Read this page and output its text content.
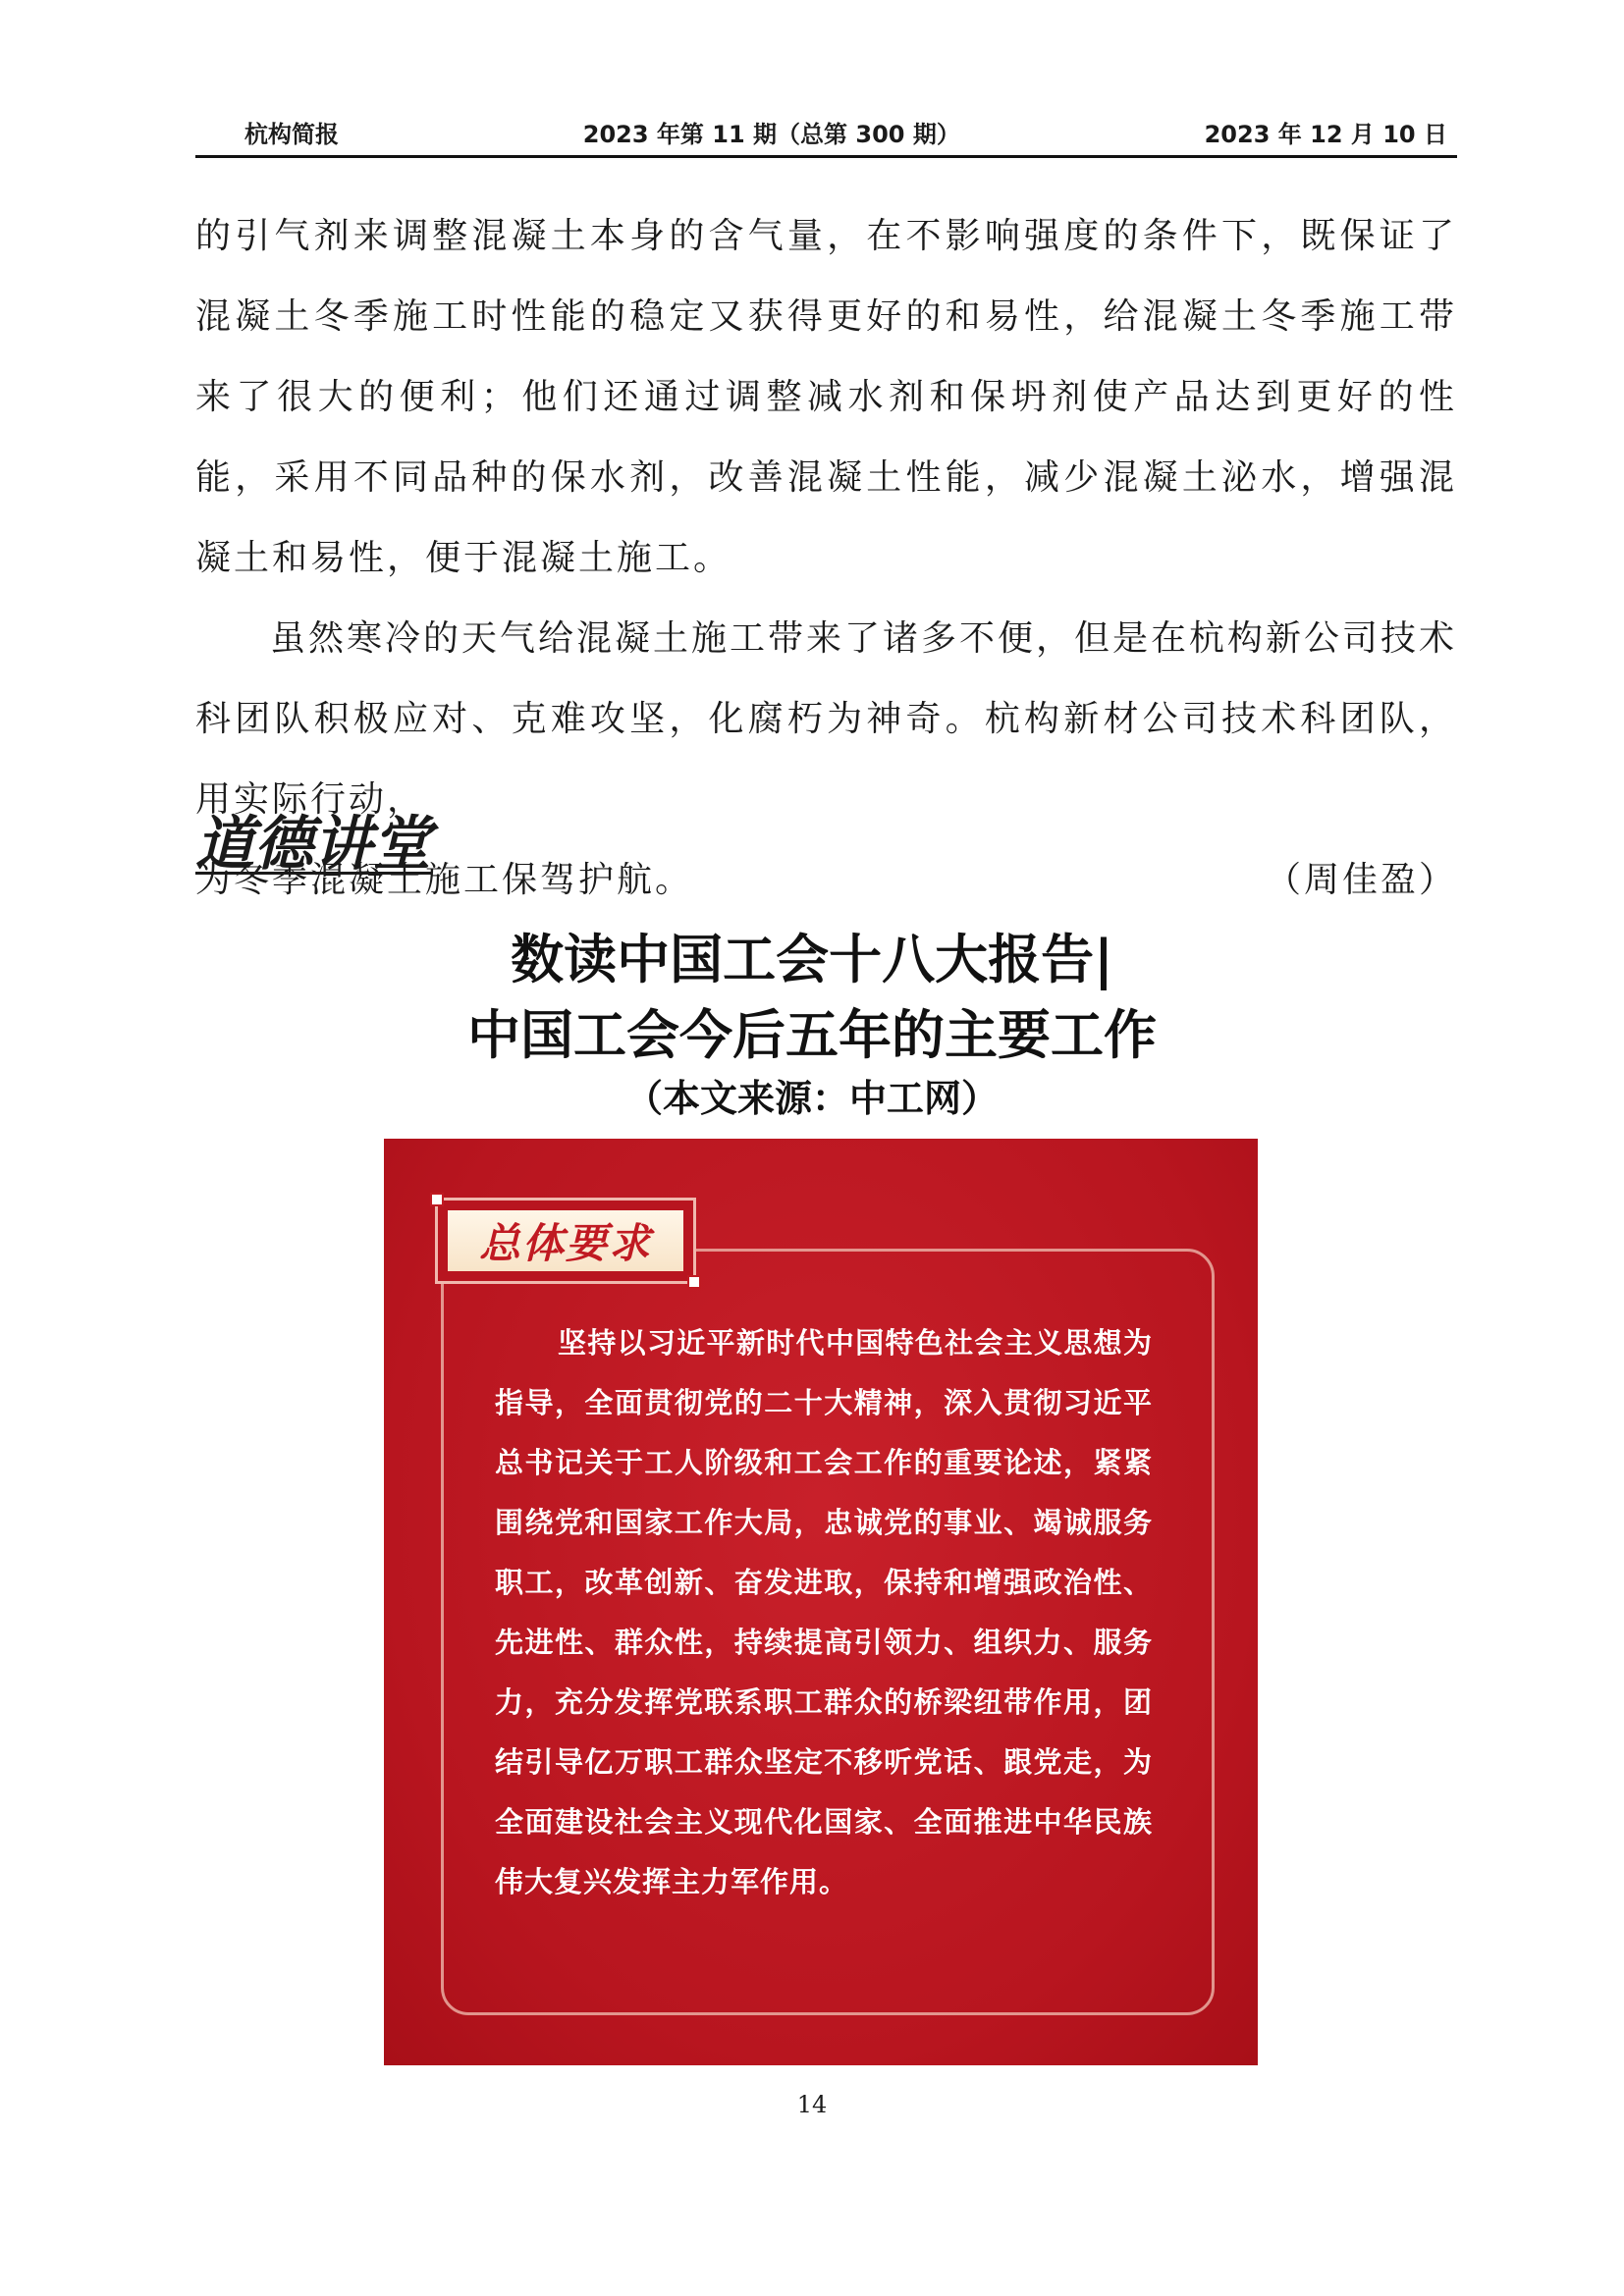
杭构简报	2023 年第 11 期（总第 300 期）	2023 年 12 月 10 日

的引气剂来调整混凝土本身的含气量，在不影响强度的条件下，既保证了混凝土冬季施工时性能的稳定又获得更好的和易性，给混凝土冬季施工带来了很大的便利；他们还通过调整减水剂和保坍剂使产品达到更好的性能，采用不同品种的保水剂，改善混凝土性能，减少混凝土泌水，增强混凝土和易性，便于混凝土施工。

虽然寒冷的天气给混凝土施工带来了诸多不便，但是在杭构新公司技术科团队积极应对、克难攻坚，化腐朽为神奇。杭构新材公司技术科团队，用实际行动，

为冬季混凝土施工保驾护航。	（周佳盈）

道德讲堂
数读中国工会十八大报告|
中国工会今后五年的主要工作
（本文来源：中工网）
总体要求
坚持以习近平新时代中国特色社会主义思想为指导，全面贯彻党的二十大精神，深入贯彻习近平总书记关于工人阶级和工会工作的重要论述，紧紧围绕党和国家工作大局，忠诚党的事业、竭诚服务职工，改革创新、奋发进取，保持和增强政治性、先进性、群众性，持续提高引领力、组织力、服务力，充分发挥党联系职工群众的桥梁纽带作用，团结引导亿万职工群众坚定不移听党话、跟党走，为全面建设社会主义现代化国家、全面推进中华民族伟大复兴发挥主力军作用。
14
